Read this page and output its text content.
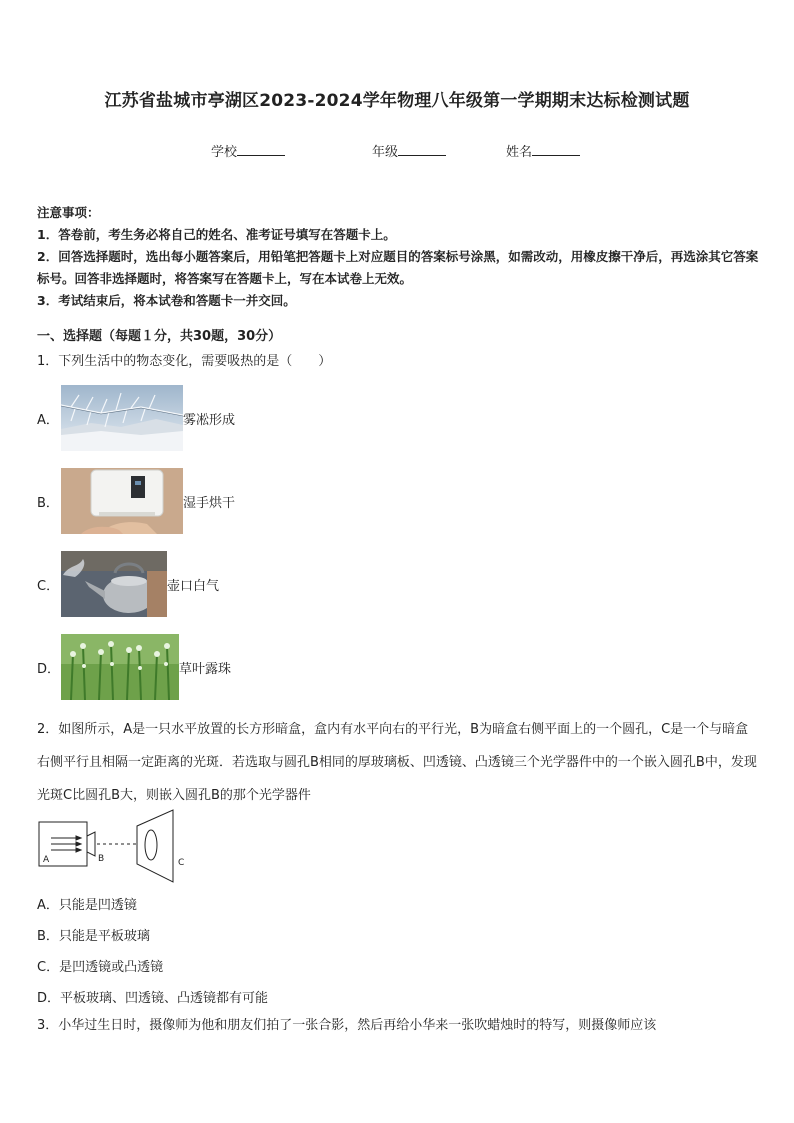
江苏省盐城市亭湖区2023-2024学年物理八年级第一学期期末达标检测试题
学校	年级	姓名
注意事项：
1．答卷前，考生务必将自己的姓名、准考证号填写在答题卡上。
2．回答选择题时，选出每小题答案后，用铅笔把答题卡上对应题目的答案标号涂黑，如需改动，用橡皮擦干净后，再选涂其它答案标号。回答非选择题时，将答案写在答题卡上，写在本试卷上无效。
3．考试结束后，将本试卷和答题卡一并交回。
一、选择题（每题１分，共30题，30分）
1．下列生活中的物态变化，需要吸热的是（　　）
A．	雾凇形成
B．	湿手烘干
C．	壶口白气
D．	草叶露珠
2．如图所示，A是一只水平放置的长方形暗盒，盒内有水平向右的平行光，B为暗盒右侧平面上的一个圆孔，C是一个与暗盒右侧平行且相隔一定距离的光斑．若选取与圆孔B相同的厚玻璃板、凹透镜、凸透镜三个光学器件中的一个嵌入圆孔B中，发现光斑C比圆孔B大，则嵌入圆孔B的那个光学器件
A	B	C
A．只能是凹透镜
B．只能是平板玻璃
C．是凹透镜或凸透镜
D．平板玻璃、凹透镜、凸透镜都有可能
3．小华过生日时，摄像师为他和朋友们拍了一张合影，然后再给小华来一张吹蜡烛时的特写，则摄像师应该
